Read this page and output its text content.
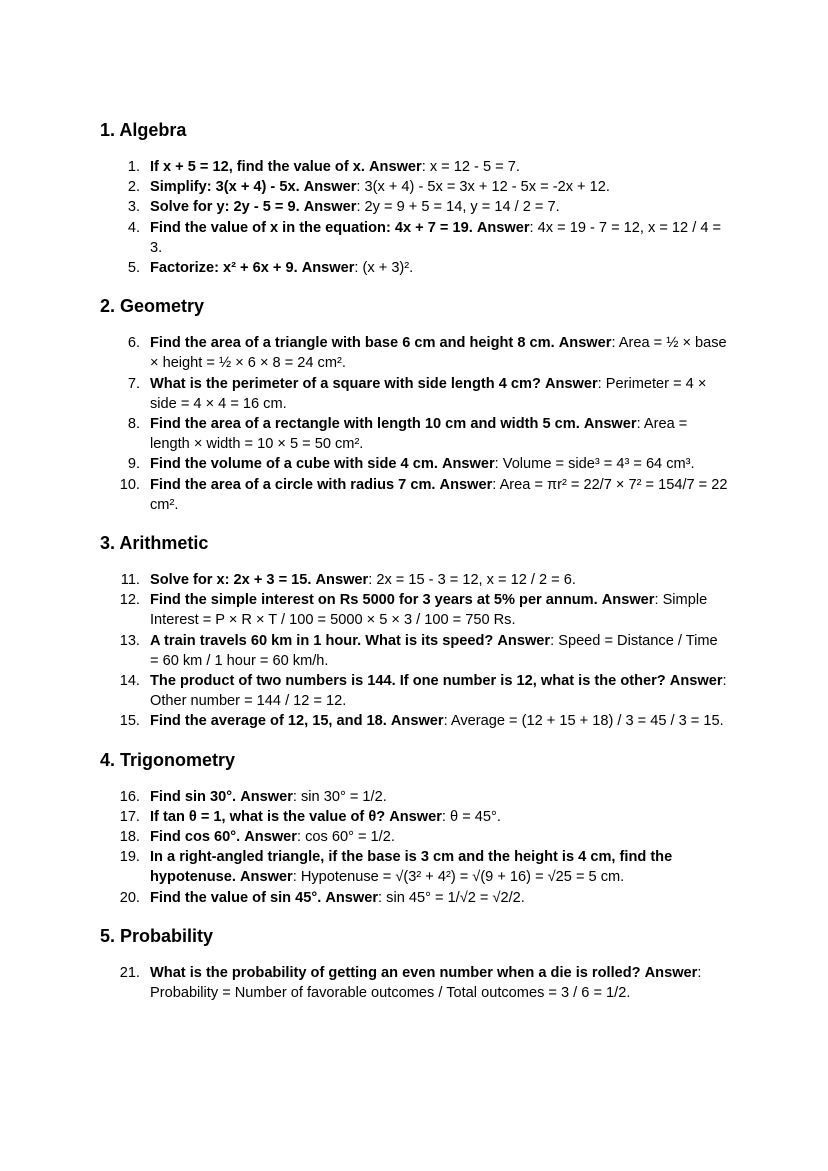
1. Algebra
1. If x + 5 = 12, find the value of x. Answer: x = 12 - 5 = 7.
2. Simplify: 3(x + 4) - 5x. Answer: 3(x + 4) - 5x = 3x + 12 - 5x = -2x + 12.
3. Solve for y: 2y - 5 = 9. Answer: 2y = 9 + 5 = 14, y = 14 / 2 = 7.
4. Find the value of x in the equation: 4x + 7 = 19. Answer: 4x = 19 - 7 = 12, x = 12 / 4 = 3.
5. Factorize: x² + 6x + 9. Answer: (x + 3)².
2. Geometry
6. Find the area of a triangle with base 6 cm and height 8 cm. Answer: Area = ½ × base × height = ½ × 6 × 8 = 24 cm².
7. What is the perimeter of a square with side length 4 cm? Answer: Perimeter = 4 × side = 4 × 4 = 16 cm.
8. Find the area of a rectangle with length 10 cm and width 5 cm. Answer: Area = length × width = 10 × 5 = 50 cm².
9. Find the volume of a cube with side 4 cm. Answer: Volume = side³ = 4³ = 64 cm³.
10. Find the area of a circle with radius 7 cm. Answer: Area = πr² = 22/7 × 7² = 154/7 = 22 cm².
3. Arithmetic
11. Solve for x: 2x + 3 = 15. Answer: 2x = 15 - 3 = 12, x = 12 / 2 = 6.
12. Find the simple interest on Rs 5000 for 3 years at 5% per annum. Answer: Simple Interest = P × R × T / 100 = 5000 × 5 × 3 / 100 = 750 Rs.
13. A train travels 60 km in 1 hour. What is its speed? Answer: Speed = Distance / Time = 60 km / 1 hour = 60 km/h.
14. The product of two numbers is 144. If one number is 12, what is the other? Answer: Other number = 144 / 12 = 12.
15. Find the average of 12, 15, and 18. Answer: Average = (12 + 15 + 18) / 3 = 45 / 3 = 15.
4. Trigonometry
16. Find sin 30°. Answer: sin 30° = 1/2.
17. If tan θ = 1, what is the value of θ? Answer: θ = 45°.
18. Find cos 60°. Answer: cos 60° = 1/2.
19. In a right-angled triangle, if the base is 3 cm and the height is 4 cm, find the hypotenuse. Answer: Hypotenuse = √(3² + 4²) = √(9 + 16) = √25 = 5 cm.
20. Find the value of sin 45°. Answer: sin 45° = 1/√2 = √2/2.
5. Probability
21. What is the probability of getting an even number when a die is rolled? Answer: Probability = Number of favorable outcomes / Total outcomes = 3 / 6 = 1/2.
